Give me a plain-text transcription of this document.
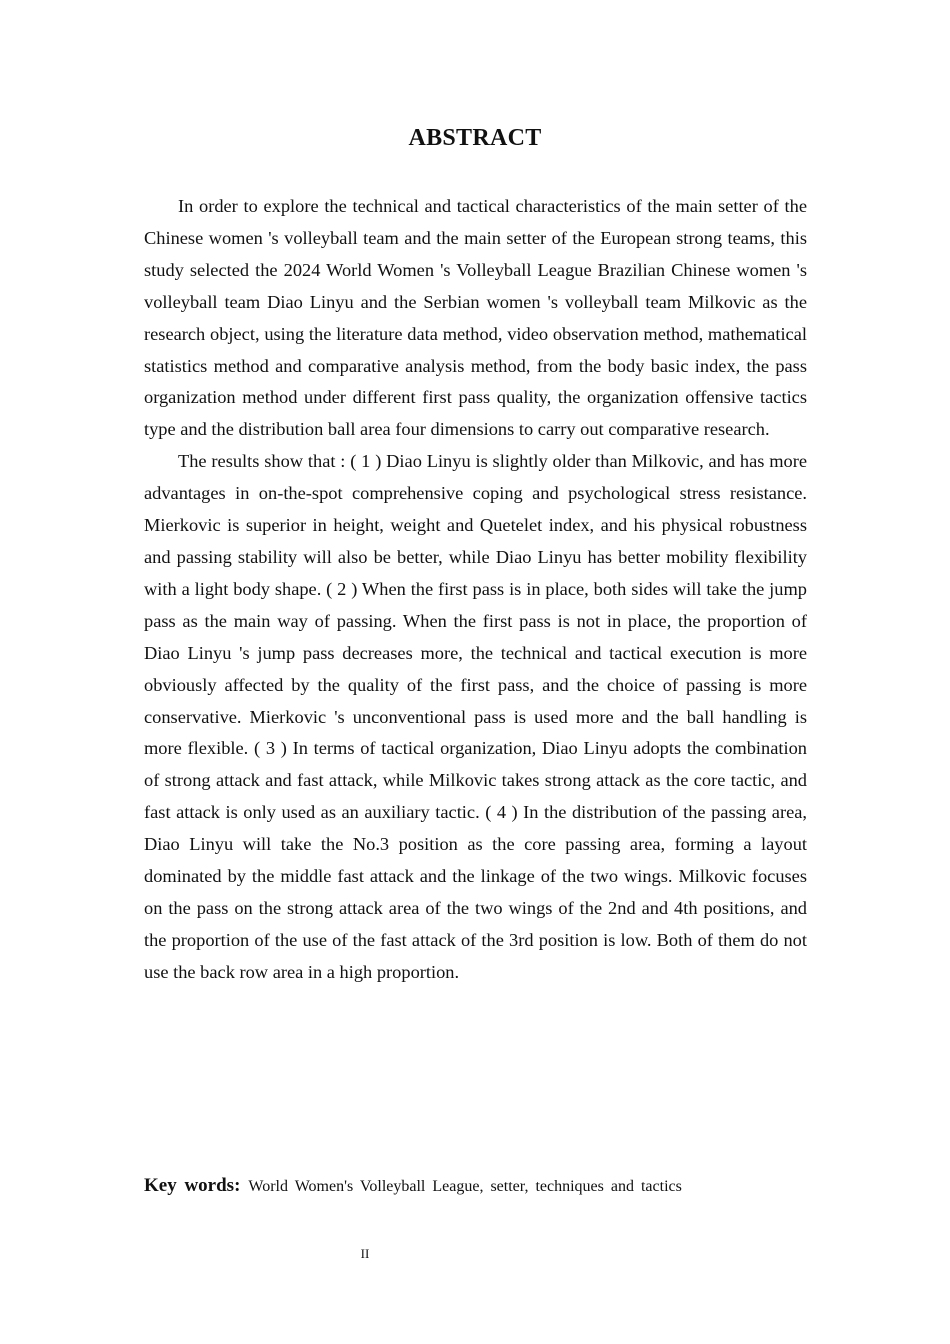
ABSTRACT

In order to explore the technical and tactical characteristics of the main setter of the Chinese women 's volleyball team and the main setter of the European strong teams, this study selected the 2024 World Women 's Volleyball League Brazilian Chinese women 's volleyball team Diao Linyu and the Serbian women 's volleyball team Milkovic as the research object, using the literature data method, video observation method, mathematical statistics method and comparative analysis method, from the body basic index, the pass organization method under different first pass quality, the organization offensive tactics type and the distribution ball area four dimensions to carry out comparative research.

The results show that : ( 1 ) Diao Linyu is slightly older than Milkovic, and has more advantages in on-the-spot comprehensive coping and psychological stress resistance. Mierkovic is superior in height, weight and Quetelet index, and his physical robustness and passing stability will also be better, while Diao Linyu has better mobility flexibility with a light body shape. ( 2 ) When the first pass is in place, both sides will take the jump pass as the main way of passing. When the first pass is not in place, the proportion of Diao Linyu 's jump pass decreases more, the technical and tactical execution is more obviously affected by the quality of the first pass, and the choice of passing is more conservative. Mierkovic 's unconventional pass is used more and the ball handling is more flexible. ( 3 ) In terms of tactical organization, Diao Linyu adopts the combination of strong attack and fast attack, while Milkovic takes strong attack as the core tactic, and fast attack is only used as an auxiliary tactic. ( 4 ) In the distribution of the passing area, Diao Linyu will take the No.3 position as the core passing area, forming a layout dominated by the middle fast attack and the linkage of the two wings. Milkovic focuses on the pass on the strong attack area of the two wings of the 2nd and 4th positions, and the proportion of the use of the fast attack of the 3rd position is low. Both of them do not use the back row area in a high proportion.

Key words: World Women's Volleyball League, setter, techniques and tactics
II
